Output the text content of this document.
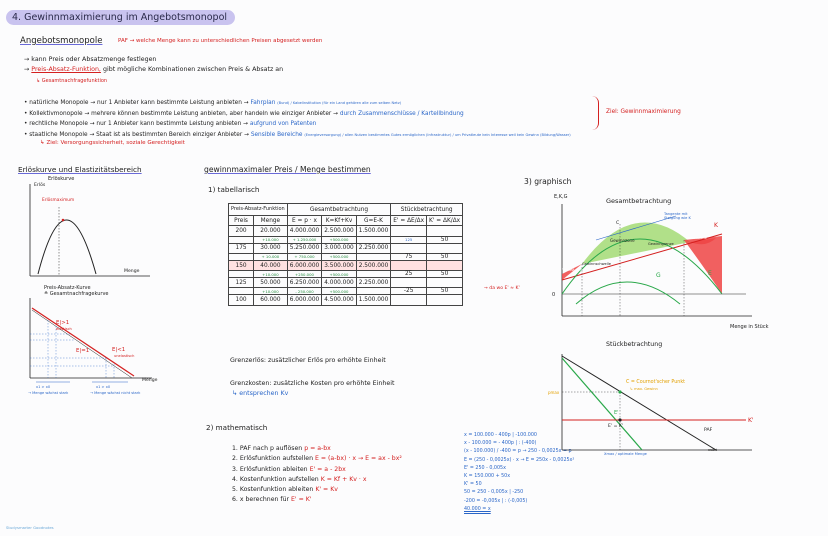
4. Gewinnmaximierung im Angebotsmonopol
Angebotsmonopole	PAF → welche Menge kann zu unterschiedlichen Preisen abgesetzt werden
→ kann Preis oder Absatzmenge festlegen
→ Preis-Absatz-Funktion, gibt mögliche Kombinationen zwischen Preis & Absatz an
↳ Gesamtnachfragefunktion
• natürliche Monopole → nur 1 Anbieter kann bestimmte Leistung anbieten → Fahrplan (Bund) / Kabelinstitution (für ein Land gehören alle zum selben Netz)
• Kollektivmonopole → mehrere können bestimmte Leistung anbieten, aber handeln wie einziger Anbieter → durch Zusammenschlüsse / Kartellbindung
• rechtliche Monopole → nur 1 Anbieter kann bestimmte Leistung anbieten → aufgrund von Patenten
• staatliche Monopole → Staat ist als bestimmten Bereich einziger Anbieter → Sensible Bereiche (Energieversorgung) / allen Nutzen bestimmtes Gutes ermöglichen (Infrastruktur) / um Privatleute kein Interesse weil kein Gewinn (Bildung/Wasser)
↳ Ziel: Versorgungssicherheit, soziale Gerechtigkeit
Ziel: Gewinnmaximierung
Erlöskurve und Elastizitätsbereich
Erlöskurve
Erlös
Menge
Erlösmaximum
Preis-Absatz-Kurve
≙ Gesamtnachfragekurve
E|>1
elastisch
E|<1
unelastisch
E|=1
Menge
x1 > x0
→ Menge wächst stark
x1 > x0
→ Menge wächst nicht stark
gewinnmaximaler Preis / Menge bestimmen
1) tabellarisch
Preis-Absatz-Funktion		Gesamtbetrachtung			Stückbetrachtung	
Preis	Menge	E = p · x	K=Kf+Kv	G=E-K	E' = ΔE/Δx	K' = ΔK/Δx
200	20.000	4.000.000	2.500.000	1.500.000		
	+10.000	+ 1.250.000	+500.000		125	50
175	30.000	5.250.000	3.000.000	2.250.000		
	+ 10.000	+ 750.000	+500.000		75	50
150	40.000	6.000.000	3.500.000	2.500.000		
	+10.000	+250.000	+500.000		25	50
125	50.000	6.250.000	4.000.000	2.250.000		
	+10.000	- 250.000	+500.000		-25	50
100	60.000	6.000.000	4.500.000	1.500.000		
→ da wo E' ≈ K'
Grenzerlös: zusätzlicher Erlös pro erhöhte Einheit
Grenzkosten: zusätzliche Kosten pro erhöhte Einheit
↳ entsprechen Kv
2) mathematisch
1. PAF nach p auflösen p = a-bx
2. Erlösfunktion aufstellen E = (a-bx) · x → E = ax - bx²
3. Erlösfunktion ableiten E' = a - 2bx
4. Kostenfunktion aufstellen K = Kf + Kv · x
5. Kostenfunktion ableiten K' = Kv
6. x berechnen für E' = K'
x = 100.000 - 400p | -100.000
x - 100.000 = - 400p | : (-400)
(x - 100.000) / -400 = p → 250 - 0,0025x = p
E = (250 - 0,0025x) · x → E = 250x - 0,0025x²
E' = 250 - 0,005x
K = 150.000 + 50x
K' = 50
50 = 250 - 0,005x | -250
-200 = -0,005x | : (-0,005)
40.000 = x
3) graphisch
E,K,G	Gesamtbetrachtung
K
E
G
C
Gewinnzone
Gewinngrenze
Gewinnschwelle
Verlust-zone
Verlustzone
Tangente mit Steigung wie K
0
Menge in Stück
Stückbetrachtung
C = Cournot'scher Punkt
↳ max. Gewinn
pmax
E'
E' = K'
K'
PAF
Xmax / optimale Menge
xsätt
Studysmarter Goodnotes
